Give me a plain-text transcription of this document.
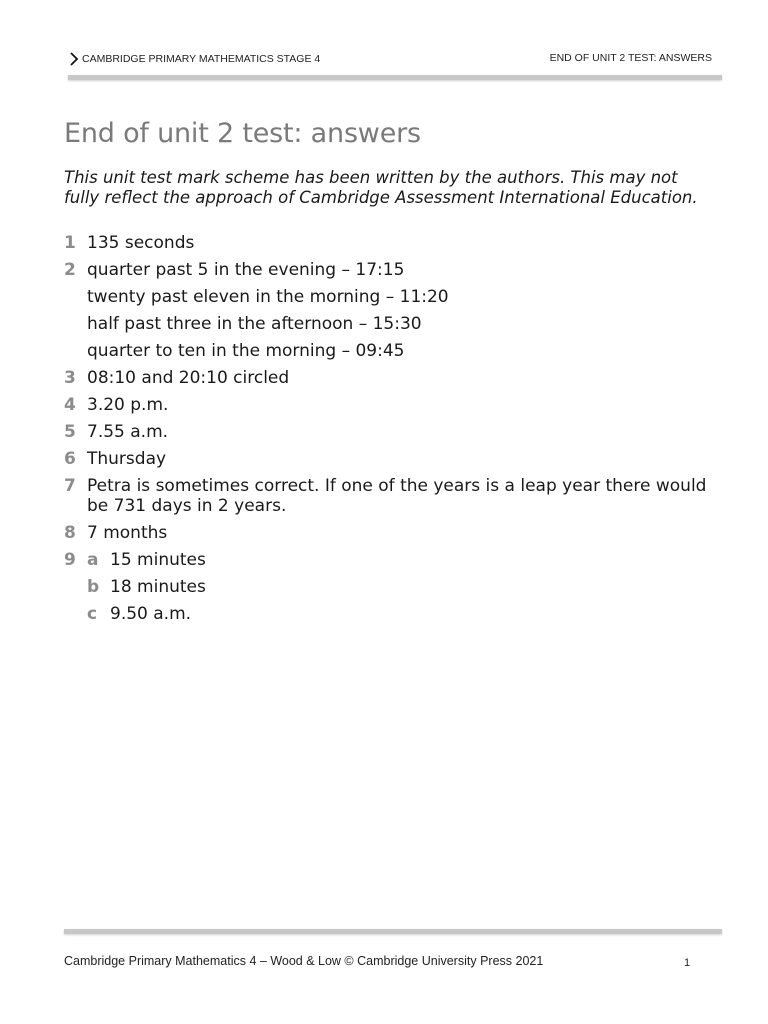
CAMBRIDGE PRIMARY MATHEMATICS STAGE 4	END OF UNIT 2 TEST: ANSWERS
End of unit 2 test: answers

This unit test mark scheme has been written by the authors. This may not fully reflect the approach of Cambridge Assessment International Education.

1 135 seconds
2 quarter past 5 in the evening – 17:15
twenty past eleven in the morning – 11:20
half past three in the afternoon – 15:30
quarter to ten in the morning – 09:45
3 08:10 and 20:10 circled
4 3.20 p.m.
5 7.55 a.m.
6 Thursday
7 Petra is sometimes correct. If one of the years is a leap year there would be 731 days in 2 years.
8 7 months
9 a 15 minutes
b 18 minutes
c 9.50 a.m.
Cambridge Primary Mathematics 4 – Wood & Low © Cambridge University Press 2021	1
